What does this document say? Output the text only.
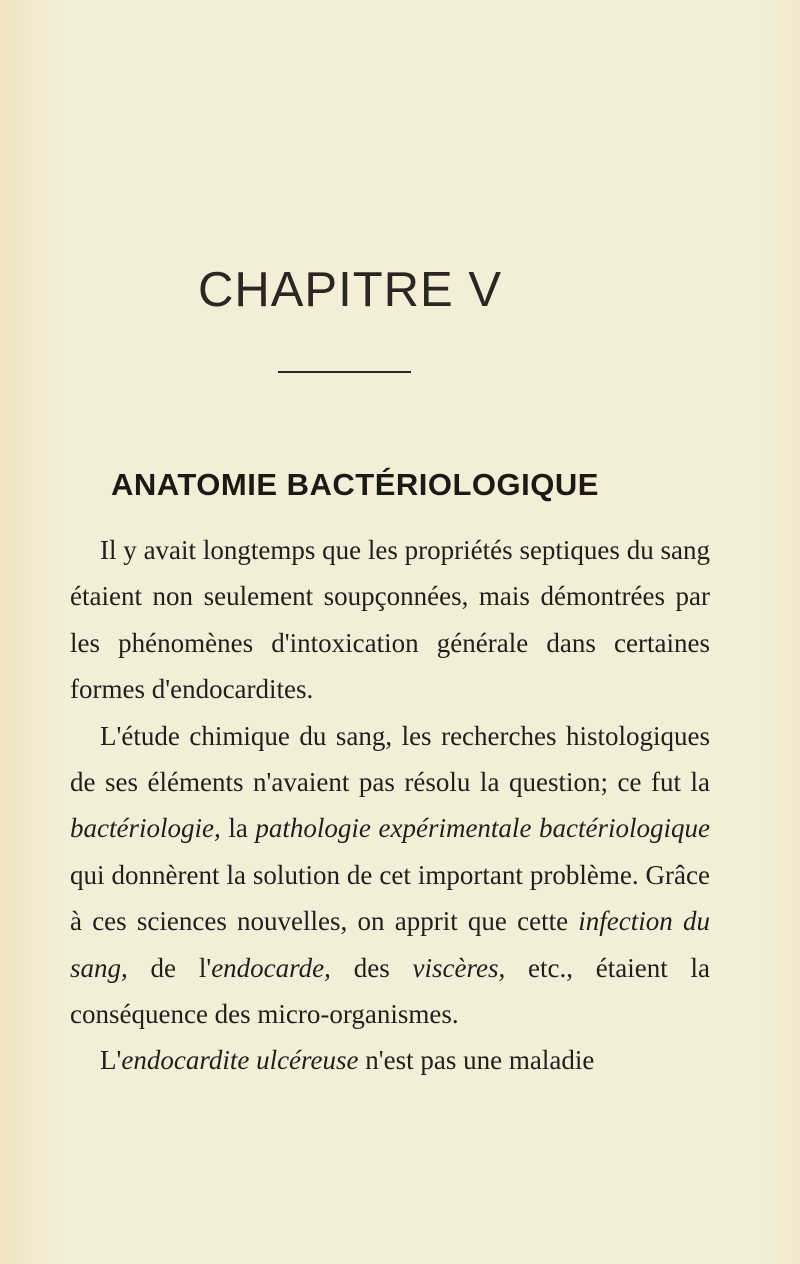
CHAPITRE V
ANATOMIE BACTÉRIOLOGIQUE

Il y avait longtemps que les propriétés septiques du sang étaient non seulement soupçonnées, mais démontrées par les phénomènes d'intoxication générale dans certaines formes d'endocardites.

L'étude chimique du sang, les recherches histologiques de ses éléments n'avaient pas résolu la question; ce fut la bactériologie, la pathologie expérimentale bactériologique qui donnèrent la solution de cet important problème. Grâce à ces sciences nouvelles, on apprit que cette infection du sang, de l'endocarde, des viscères, etc., étaient la conséquence des micro-organismes.

L'endocardite ulcéreuse n'est pas une maladie
